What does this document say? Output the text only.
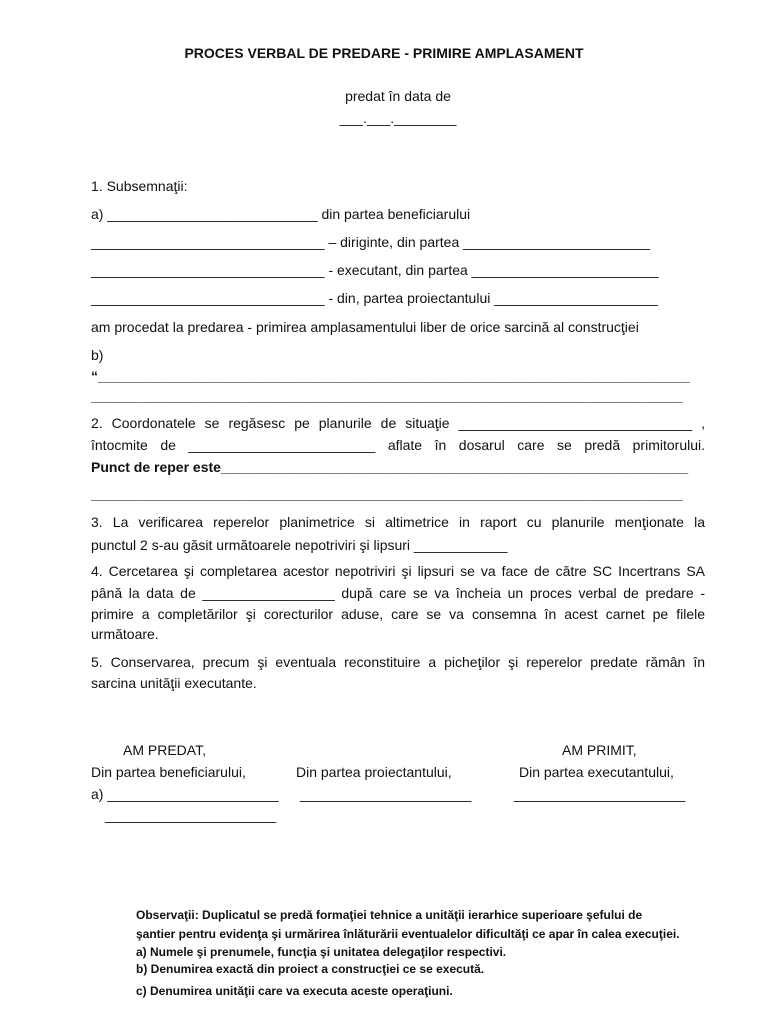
PROCES VERBAL DE PREDARE - PRIMIRE AMPLASAMENT
predat în data de
___.___.________
1. Subsemnaţii:
a) ___________________________ din partea beneficiarului
______________________________ – diriginte, din partea ________________________
______________________________ - executant, din partea ________________________
______________________________ - din, partea proiectantului _____________________
am procedat la predarea - primirea amplasamentului liber de orice sarcină al construcţiei
b)
“____________________________________________________________________________
____________________________________________________________________________
2. Coordonatele se regăsesc pe planurile de situaţie ______________________________ ,
întocmite de ________________________ aflate în dosarul care se predă primitorului.
Punct de reper este____________________________________________________________
____________________________________________________________________________
3. La verificarea reperelor planimetrice si altimetrice in raport cu planurile menţionate la
punctul 2 s-au găsit următoarele nepotriviri şi lipsuri ____________
4. Cercetarea şi completarea acestor nepotriviri şi lipsuri se va face de către SC Incertrans SA
până la data de _________________ după care se va încheia un proces verbal de predare -
primire a completărilor şi corecturilor aduse, care se va consemna în acest carnet pe filele
următoare.
5. Conservarea, precum şi eventuala reconstituire a picheţilor şi reperelor predate rămân în
sarcina unităţii executante.
AM PREDAT,	AM PRIMIT,
Din partea beneficiarului,	Din partea proiectantului,	Din partea executantului,
a) ______________________ ______________________	______________________
______________________
Observaţii: Duplicatul se predă formaţiei tehnice a unităţii ierarhice superioare şefului de
şantier pentru evidenţa şi urmărirea înlăturării eventualelor dificultăţi ce apar în calea execuţiei.
a) Numele şi prenumele, funcţia şi unitatea delegaţilor respectivi.
b) Denumirea exactă din proiect a construcţiei ce se execută.
c) Denumirea unităţii care va executa aceste operaţiuni.
